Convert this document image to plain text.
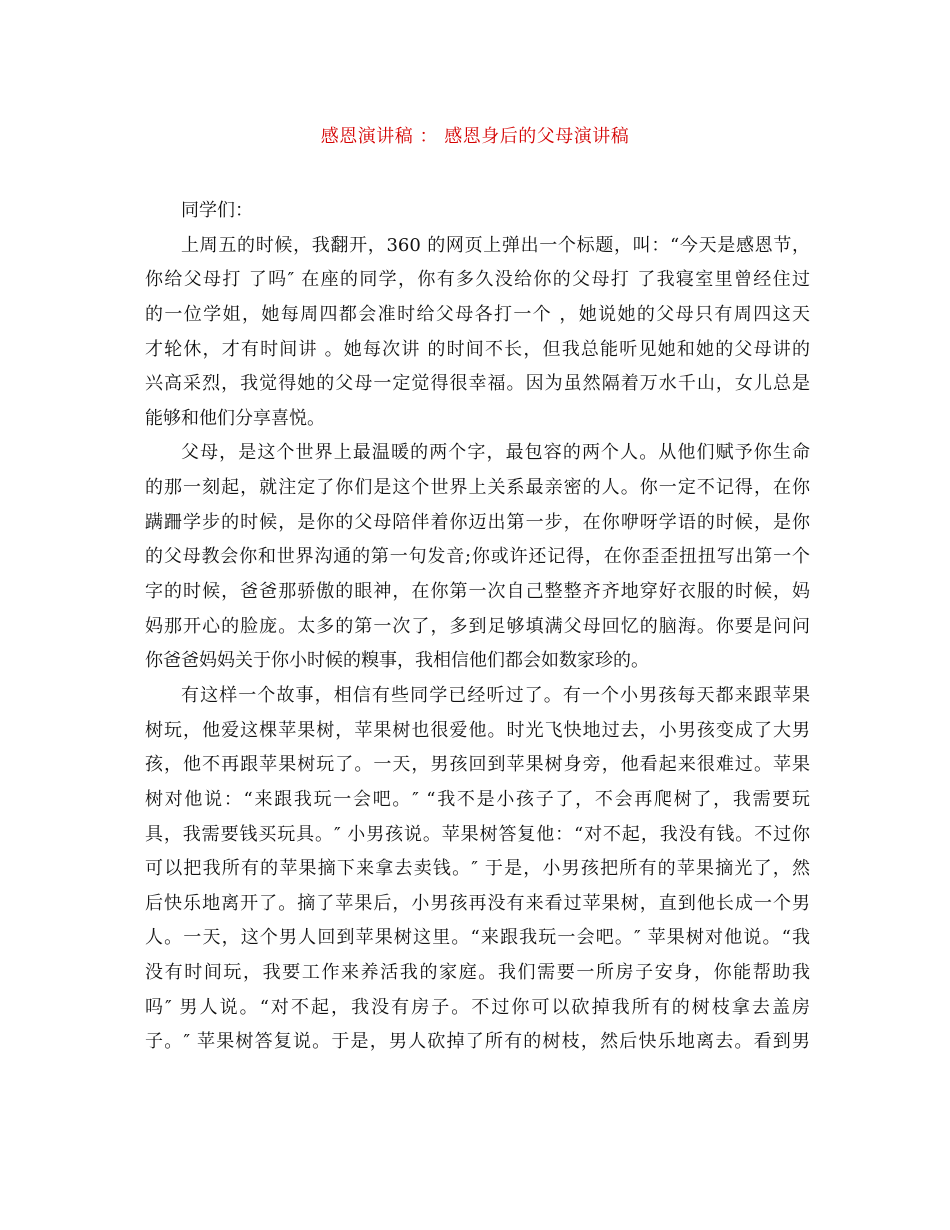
感恩演讲稿 ： 感恩身后的父母演讲稿
同学们：
上周五的时候，我翻开，360 的网页上弹出一个标题，叫：“今天是感恩节，
你给父母打 了吗″ 在座的同学，你有多久没给你的父母打 了我寝室里曾经住过
的一位学姐，她每周四都会准时给父母各打一个 ，她说她的父母只有周四这天
才轮休，才有时间讲 。她每次讲 的时间不长，但我总能听见她和她的父母讲的
兴高采烈，我觉得她的父母一定觉得很幸福。因为虽然隔着万水千山，女儿总是
能够和他们分享喜悦。
父母，是这个世界上最温暖的两个字，最包容的两个人。从他们赋予你生命
的那一刻起，就注定了你们是这个世界上关系最亲密的人。你一定不记得，在你
蹒跚学步的时候，是你的父母陪伴着你迈出第一步，在你咿呀学语的时候，是你
的父母教会你和世界沟通的第一句发音;你或许还记得，在你歪歪扭扭写出第一个
字的时候，爸爸那骄傲的眼神，在你第一次自己整整齐齐地穿好衣服的时候，妈
妈那开心的脸庞。太多的第一次了，多到足够填满父母回忆的脑海。你要是问问
你爸爸妈妈关于你小时候的糗事，我相信他们都会如数家珍的。
有这样一个故事，相信有些同学已经听过了。有一个小男孩每天都来跟苹果
树玩，他爱这棵苹果树，苹果树也很爱他。时光飞快地过去，小男孩变成了大男
孩，他不再跟苹果树玩了。一天，男孩回到苹果树身旁，他看起来很难过。苹果
树对他说：“来跟我玩一会吧。″ “我不是小孩子了，不会再爬树了，我需要玩
具，我需要钱买玩具。″ 小男孩说。苹果树答复他：“对不起，我没有钱。不过你
可以把我所有的苹果摘下来拿去卖钱。″ 于是，小男孩把所有的苹果摘光了，然
后快乐地离开了。摘了苹果后，小男孩再没有来看过苹果树，直到他长成一个男
人。一天，这个男人回到苹果树这里。“来跟我玩一会吧。″ 苹果树对他说。“我
没有时间玩，我要工作来养活我的家庭。我们需要一所房子安身，你能帮助我
吗″ 男人说。“对不起，我没有房子。不过你可以砍掉我所有的树枝拿去盖房
子。″ 苹果树答复说。于是，男人砍掉了所有的树枝，然后快乐地离去。看到男
